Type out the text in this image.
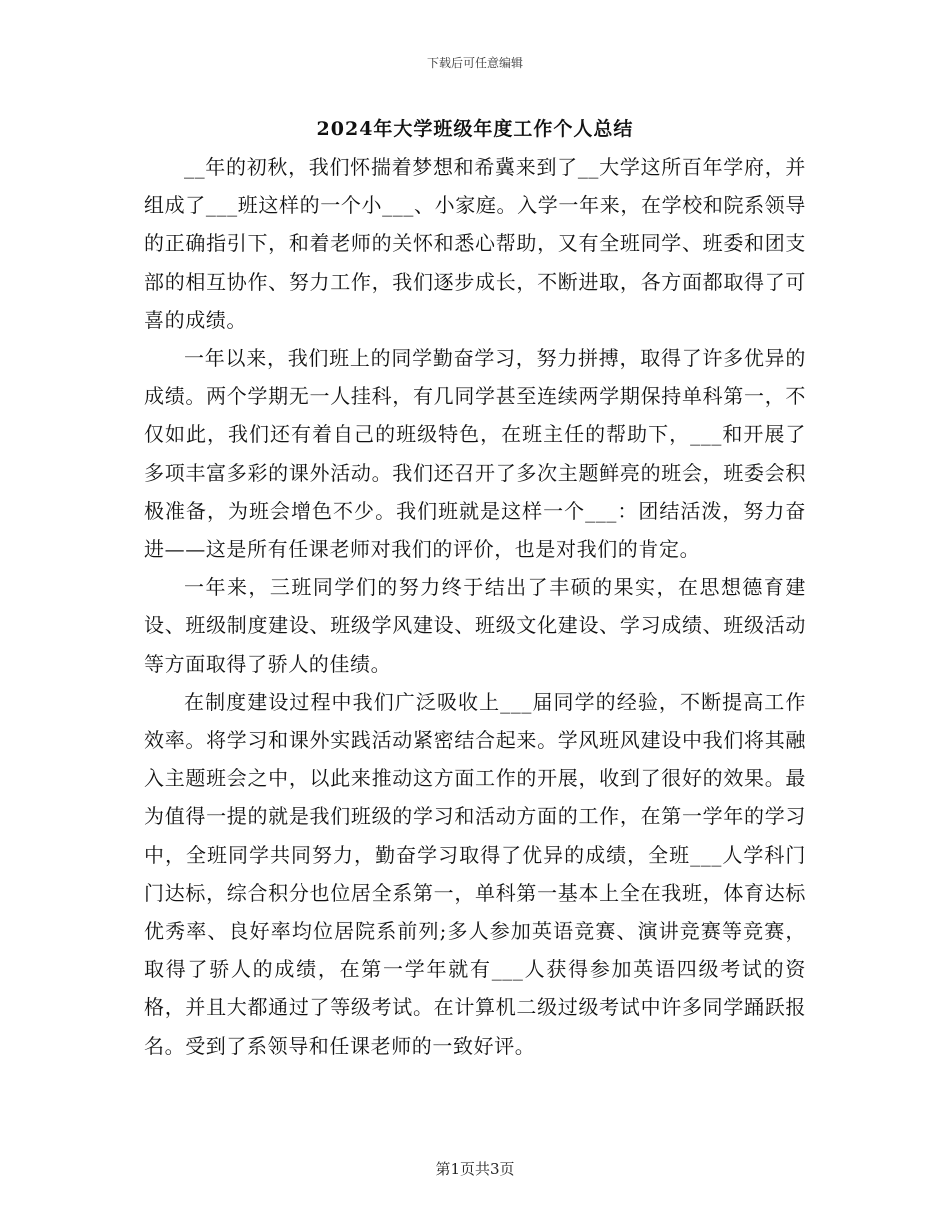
下载后可任意编辑
2024年大学班级年度工作个人总结

__年的初秋，我们怀揣着梦想和希冀来到了__大学这所百年学府，并组成了___班这样的一个小___、小家庭。入学一年来，在学校和院系领导的正确指引下，和着老师的关怀和悉心帮助，又有全班同学、班委和团支部的相互协作、努力工作，我们逐步成长，不断进取，各方面都取得了可喜的成绩。

一年以来，我们班上的同学勤奋学习，努力拼搏，取得了许多优异的成绩。两个学期无一人挂科，有几同学甚至连续两学期保持单科第一，不仅如此，我们还有着自己的班级特色，在班主任的帮助下，___和开展了多项丰富多彩的课外活动。我们还召开了多次主题鲜亮的班会，班委会积极准备，为班会增色不少。我们班就是这样一个___：团结活泼，努力奋进——这是所有任课老师对我们的评价，也是对我们的肯定。

一年来，三班同学们的努力终于结出了丰硕的果实，在思想德育建设、班级制度建设、班级学风建设、班级文化建设、学习成绩、班级活动等方面取得了骄人的佳绩。

在制度建设过程中我们广泛吸收上___届同学的经验，不断提高工作效率。将学习和课外实践活动紧密结合起来。学风班风建设中我们将其融入主题班会之中，以此来推动这方面工作的开展，收到了很好的效果。最为值得一提的就是我们班级的学习和活动方面的工作，在第一学年的学习中，全班同学共同努力，勤奋学习取得了优异的成绩，全班___人学科门门达标，综合积分也位居全系第一，单科第一基本上全在我班，体育达标优秀率、良好率均位居院系前列;多人参加英语竞赛、演讲竞赛等竞赛，取得了骄人的成绩，在第一学年就有___人获得参加英语四级考试的资格，并且大都通过了等级考试。在计算机二级过级考试中许多同学踊跃报名。受到了系领导和任课老师的一致好评。

第1页共3页
